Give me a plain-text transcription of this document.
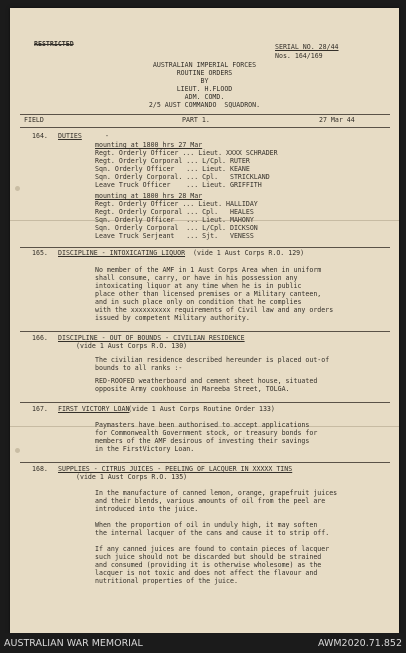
RESTRICTED	SERIAL NO. 28/44
Nos. 164/169
AUSTRALIAN IMPERIAL FORCES
ROUTINE ORDERS
BY
LIEUT. H.FLOOD
ADM. COMD.
2/5 AUST COMMANDO  SQUADRON.
FIELD	PART 1.	27 Mar 44
164. DUTIES	-
mounting at 1800 hrs 27 Mar
Regt. Orderly Officer ... Lieut. XXXX SCHRADER
Regt. Orderly Corporal ... L/Cpl. RUTER
Sqn. Orderly Officer   ... Lieut. KEANE
Sqn. Orderly Corporal. ... Cpl.   STRICKLAND
Leave Truck Officer    ... Lieut. GRIFFITH
mounting at 1800 hrs 28 Mar
Regt. Orderly Officer ... Lieut. HALLIDAY
Regt. Orderly Corporal ... Cpl.   HEALES
Sqn. Orderly Officer   ... Lieut. MAHONY
Sqn. Orderly Corporal  ... L/Cpl. DICKSON
Leave Truck Serjeant   ... Sjt.   VENESS
165. DISCIPLINE - INTOXICATING LIQUOR (vide 1 Aust Corps R.O. 129)
No member of the AMF in 1 Aust Corps Area when in uniform
shall consume, carry, or have in his possession any
intoxicating liquor at any time when he is in public
place other than licensed premises or a Military canteen,
and in such place only on condition that he complies
with the xxxxxxxxxx requirements of Civil law and any orders
issued by competent Military authority.
166. DISCIPLINE - OUT OF BOUNDS - CIVILIAN RESIDENCE
(vide 1 Aust Corps R.O. 130)
The civilian residence described hereunder is placed out-of
bounds to all ranks :-
RED-ROOFED weatherboard and cement sheet house, situated
opposite Army cookhouse in Mareeba Street, TOLGA.
167. FIRST VICTORY LOAN
(vide 1 Aust Corps Routine Order 133)
Paymasters have been authorised to accept applications
for Commonwealth Government stock, or treasury bonds for
members of the AMF desirous of investing their savings
in the FirstVictory Loan.
168. SUPPLIES - CITRUS JUICES - PEELING OF LACQUER IN XXXXX TINS
(vide 1 Aust Corps R.O. 135)
In the manufacture of canned lemon, orange, grapefruit juices
and their blends, various amounts of oil from the peel are
introduced into the juice.
When the proportion of oil in unduly high, it may soften
the internal lacquer of the cans and cause it to strip off.
If any canned juices are found to contain pieces of lacquer
such juice should not be discarded but should be strained
and consumed (providing it is otherwise wholesome) as the
lacquer is not toxic and does not affect the flavour and
nutritional properties of the juice.
AUSTRALIAN WAR MEMORIAL	AWM2020.71.852
